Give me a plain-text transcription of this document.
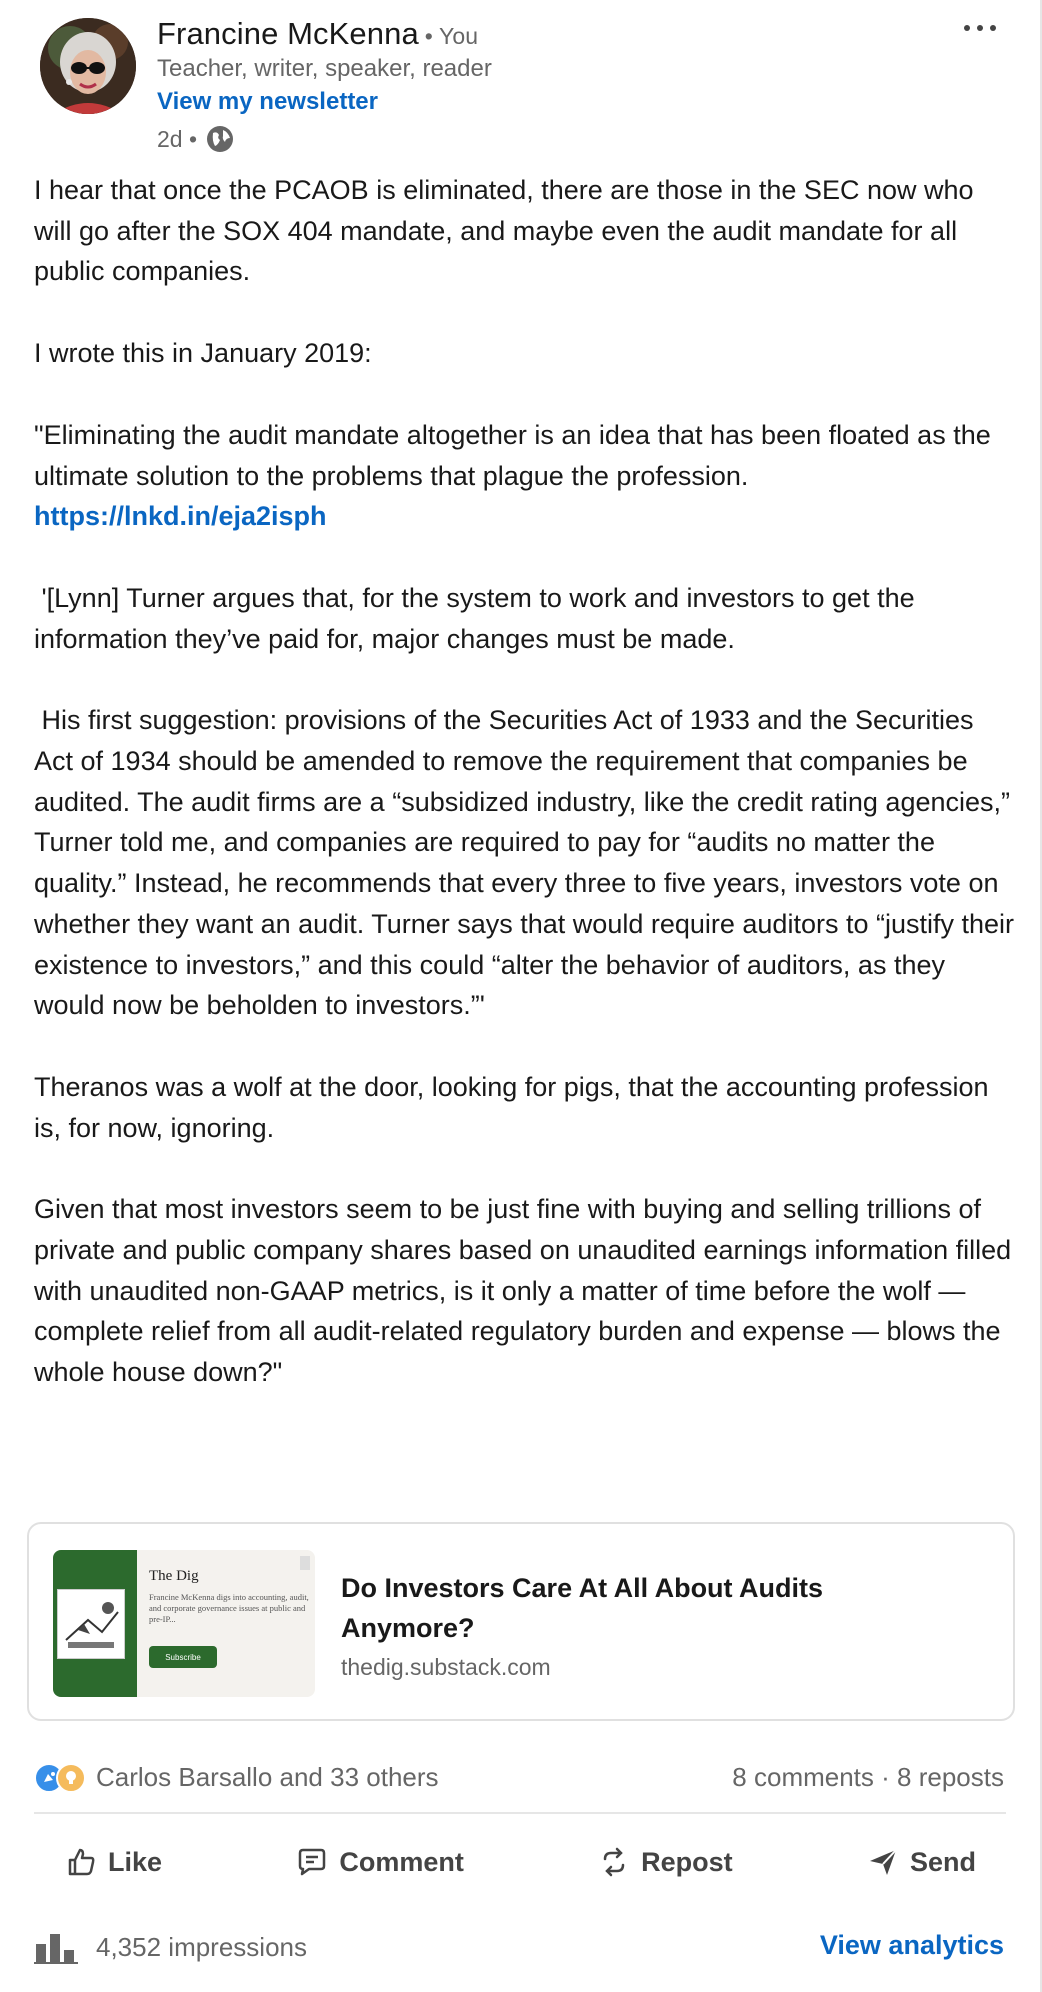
Francine McKenna • You
Teacher, writer, speaker, reader
View my newsletter
2d •

I hear that once the PCAOB is eliminated, there are those in the SEC now who will go after the SOX 404 mandate, and maybe even the audit mandate for all public companies.

I wrote this in January 2019:

"Eliminating the audit mandate altogether is an idea that has been floated as the ultimate solution to the problems that plague the profession.

https://lnkd.in/eja2isph

'[Lynn] Turner argues that, for the system to work and investors to get the information they’ve paid for, major changes must be made.

His first suggestion: provisions of the Securities Act of 1933 and the Securities Act of 1934 should be amended to remove the requirement that companies be audited. The audit firms are a “subsidized industry, like the credit rating agencies,” Turner told me, and companies are required to pay for “audits no matter the quality.” Instead, he recommends that every three to five years, investors vote on whether they want an audit. Turner says that would require auditors to “justify their existence to investors,” and this could “alter the behavior of auditors, as they would now be beholden to investors.”'

Theranos was a wolf at the door, looking for pigs, that the accounting profession is, for now, ignoring.

Given that most investors seem to be just fine with buying and selling trillions of private and public company shares based on unaudited earnings information filled with unaudited non-GAAP metrics, is it only a matter of time before the wolf —complete relief from all audit-related regulatory burden and expense — blows the whole house down?"

The Dig
Francine McKenna digs into accounting, audit, and corporate governance issues at public and pre-IP...
Subscribe
Do Investors Care At All About Audits Anymore?
thedig.substack.com
Carlos Barsallo and 33 others	8 comments · 8 reposts
Like	Comment	Repost	Send
4,352 impressions	View analytics
